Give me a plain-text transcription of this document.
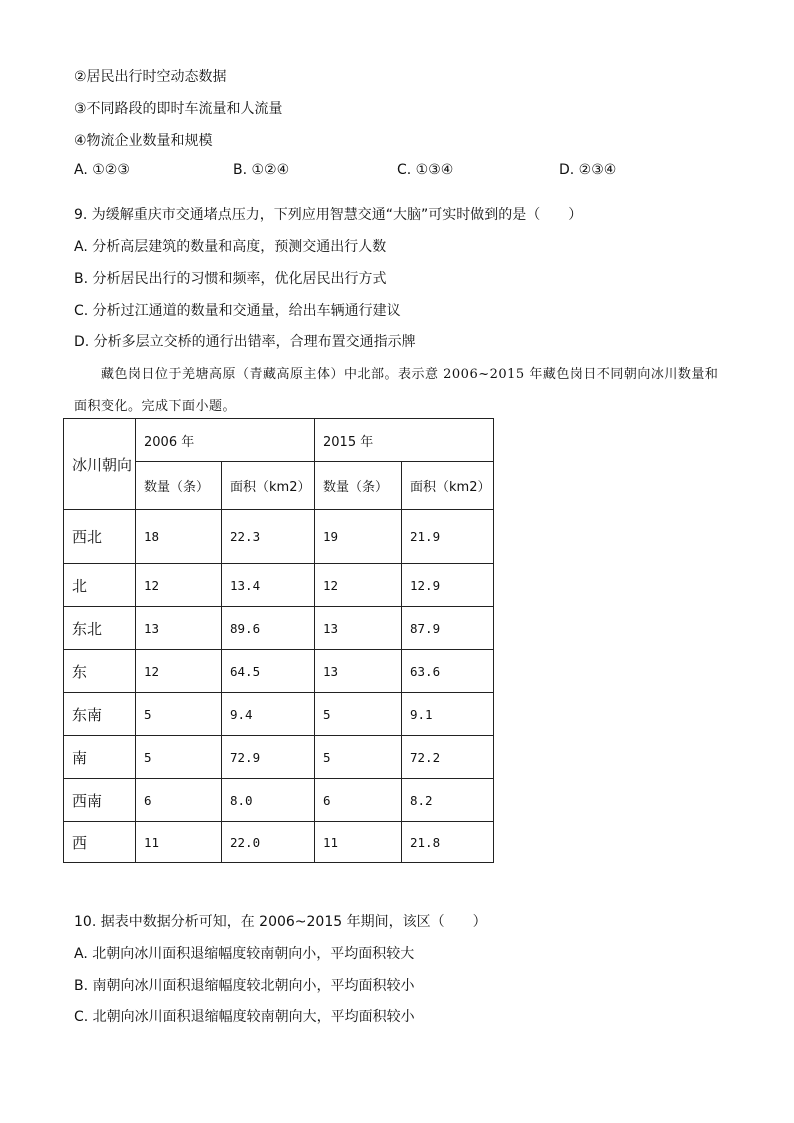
②居民出行时空动态数据
③不同路段的即时车流量和人流量
④物流企业数量和规模
A. ①②③	B. ①②④	C. ①③④	D. ②③④
9. 为缓解重庆市交通堵点压力，下列应用智慧交通“大脑”可实时做到的是（　　）
A. 分析高层建筑的数量和高度，预测交通出行人数
B. 分析居民出行的习惯和频率，优化居民出行方式
C. 分析过江通道的数量和交通量，给出车辆通行建议
D. 分析多层立交桥的通行出错率，合理布置交通指示牌
藏色岗日位于羌塘高原（青藏高原主体）中北部。表示意 2006~2015 年藏色岗日不同朝向冰川数量和
面积变化。完成下面小题。
冰川朝向	2006 年		2015 年	
	数量（条）	面积（km2）	数量（条）	面积（km2）
西北	18	22.3	19	21.9
北	12	13.4	12	12.9
东北	13	89.6	13	87.9
东	12	64.5	13	63.6
东南	5	9.4	5	9.1
南	5	72.9	5	72.2
西南	6	8.0	6	8.2
西	11	22.0	11	21.8
10. 据表中数据分析可知，在 2006~2015 年期间，该区（　　）
A. 北朝向冰川面积退缩幅度较南朝向小，平均面积较大
B. 南朝向冰川面积退缩幅度较北朝向小，平均面积较小
C. 北朝向冰川面积退缩幅度较南朝向大，平均面积较小
